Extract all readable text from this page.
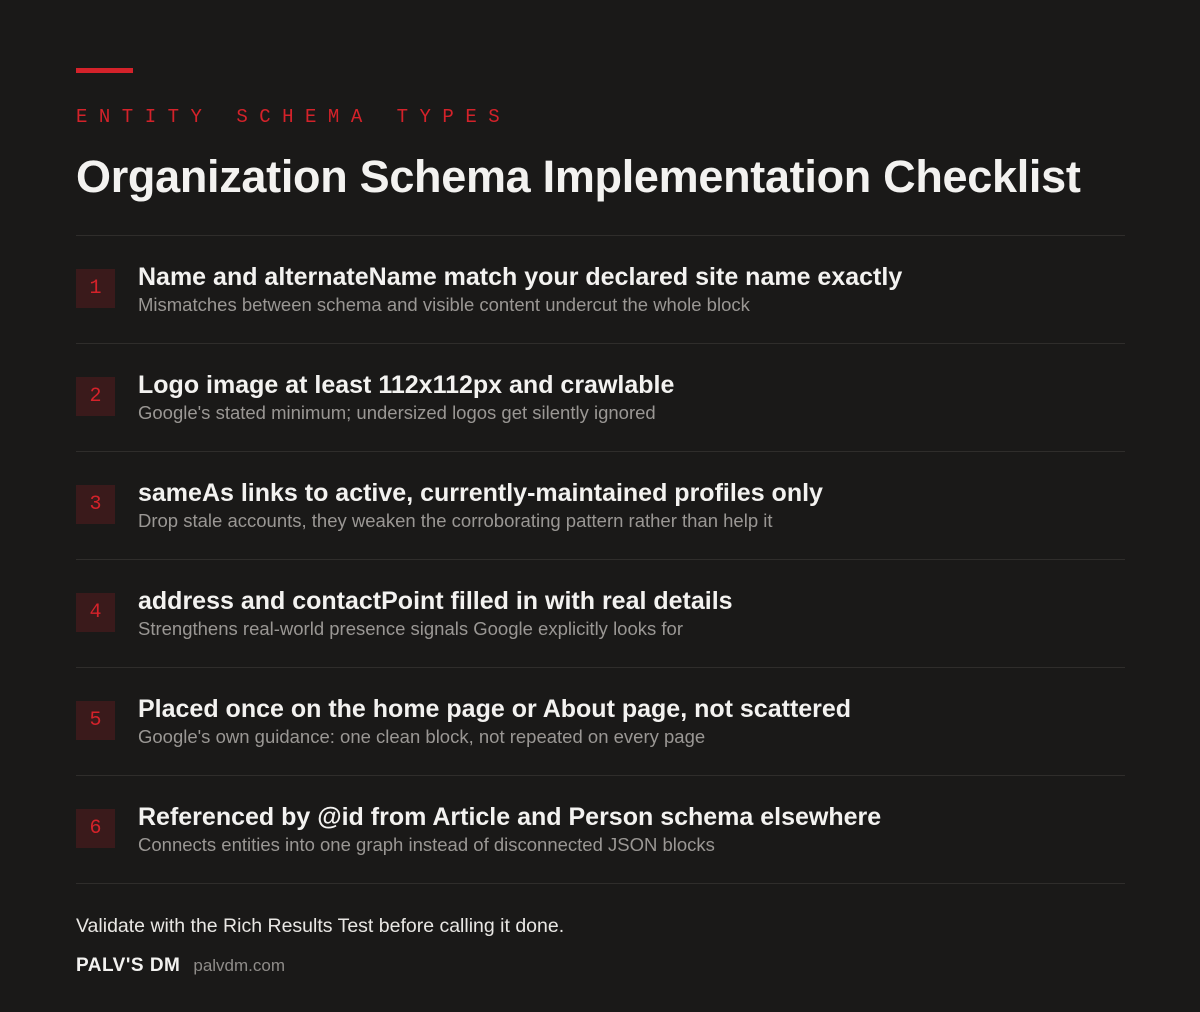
ENTITY SCHEMA TYPES
Organization Schema Implementation Checklist
1	Name and alternateName match your declared site name exactly
Mismatches between schema and visible content undercut the whole block
2	Logo image at least 112x112px and crawlable
Google's stated minimum; undersized logos get silently ignored
3	sameAs links to active, currently-maintained profiles only
Drop stale accounts, they weaken the corroborating pattern rather than help it
4	address and contactPoint filled in with real details
Strengthens real-world presence signals Google explicitly looks for
5	Placed once on the home page or About page, not scattered
Google's own guidance: one clean block, not repeated on every page
6	Referenced by @id from Article and Person schema elsewhere
Connects entities into one graph instead of disconnected JSON blocks
Validate with the Rich Results Test before calling it done.
PALV'S DM palvdm.com
